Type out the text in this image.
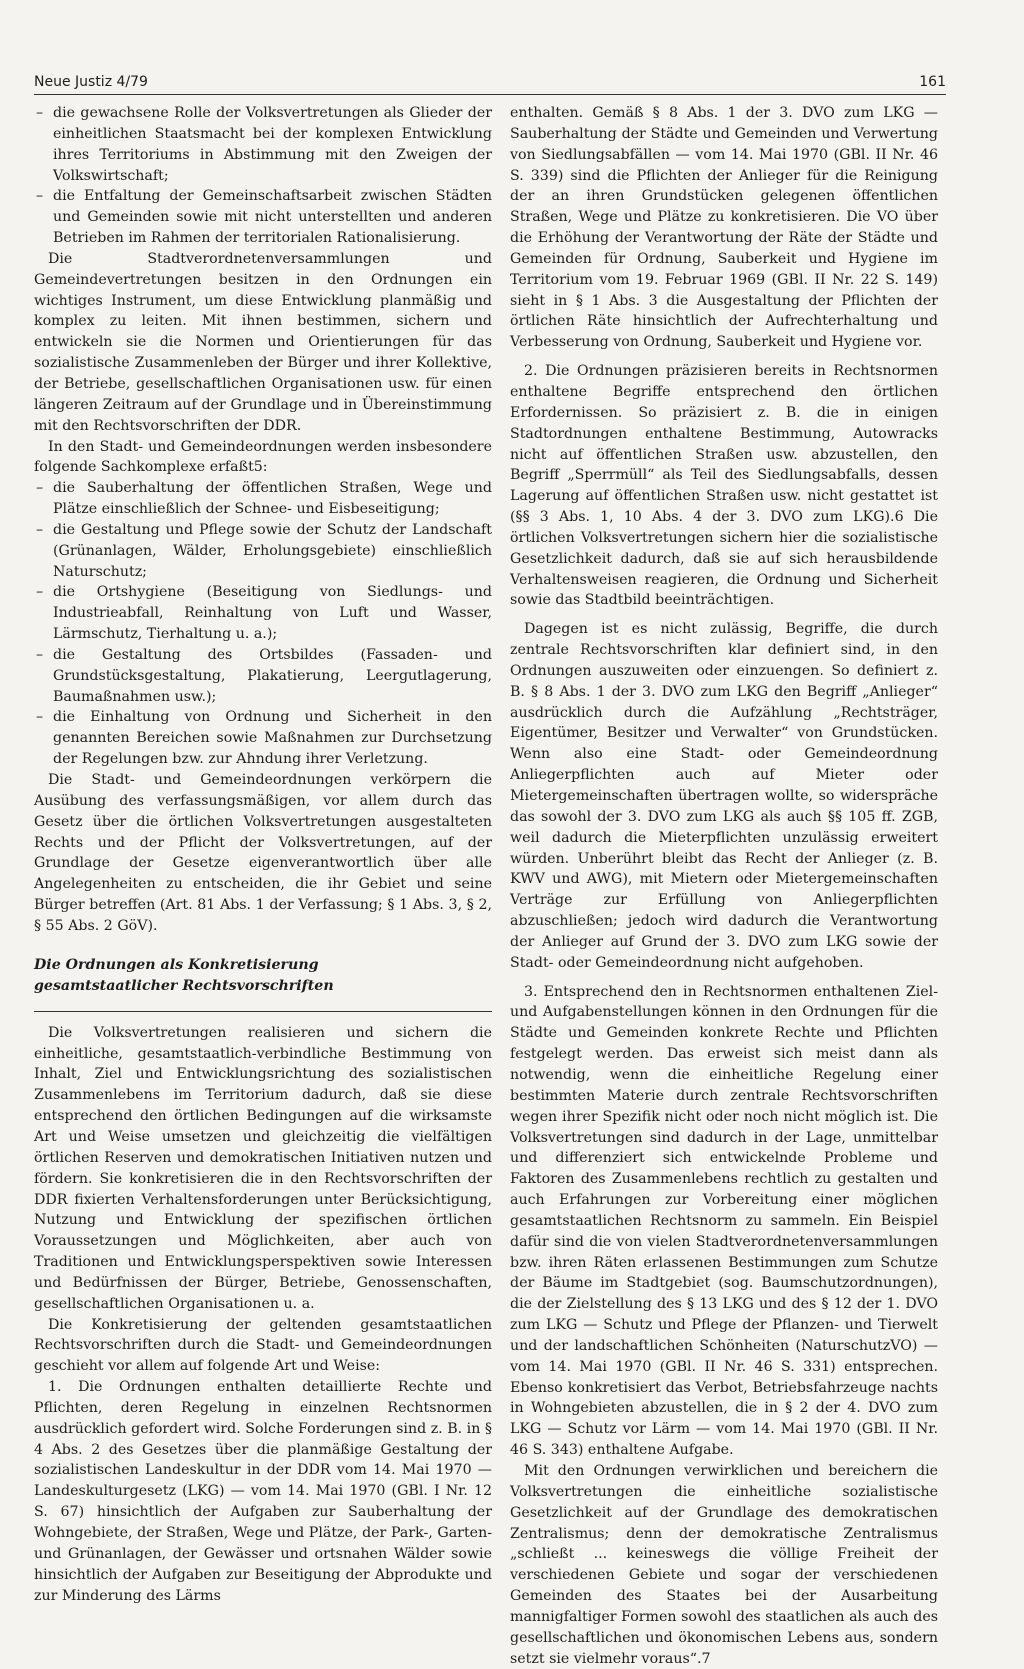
Neue Justiz 4/79	161
– die gewachsene Rolle der Volksvertretungen als Glieder der einheitlichen Staatsmacht bei der komplexen Entwicklung ihres Territoriums in Abstimmung mit den Zweigen der Volkswirtschaft;
– die Entfaltung der Gemeinschaftsarbeit zwischen Städten und Gemeinden sowie mit nicht unterstellten und anderen Betrieben im Rahmen der territorialen Rationalisierung.

Die Stadtverordnetenversammlungen und Gemeindevertretungen besitzen in den Ordnungen ein wichtiges Instrument, um diese Entwicklung planmäßig und komplex zu leiten. Mit ihnen bestimmen, sichern und entwickeln sie die Normen und Orientierungen für das sozialistische Zusammenleben der Bürger und ihrer Kollektive, der Betriebe, gesellschaftlichen Organisationen usw. für einen längeren Zeitraum auf der Grundlage und in Übereinstimmung mit den Rechtsvorschriften der DDR.

In den Stadt- und Gemeindeordnungen werden insbesondere folgende Sachkomplexe erfaßt5:

– die Sauberhaltung der öffentlichen Straßen, Wege und Plätze einschließlich der Schnee- und Eisbeseitigung;
– die Gestaltung und Pflege sowie der Schutz der Landschaft (Grünanlagen, Wälder, Erholungsgebiete) einschließlich Naturschutz;
– die Ortshygiene (Beseitigung von Siedlungs- und Industrieabfall, Reinhaltung von Luft und Wasser, Lärmschutz, Tierhaltung u. a.);
– die Gestaltung des Ortsbildes (Fassaden- und Grundstücksgestaltung, Plakatierung, Leergutlagerung, Baumaßnahmen usw.);
– die Einhaltung von Ordnung und Sicherheit in den genannten Bereichen sowie Maßnahmen zur Durchsetzung der Regelungen bzw. zur Ahndung ihrer Verletzung.

Die Stadt- und Gemeindeordnungen verkörpern die Ausübung des verfassungsmäßigen, vor allem durch das Gesetz über die örtlichen Volksvertretungen ausgestalteten Rechts und der Pflicht der Volksvertretungen, auf der Grundlage der Gesetze eigenverantwortlich über alle Angelegenheiten zu entscheiden, die ihr Gebiet und seine Bürger betreffen (Art. 81 Abs. 1 der Verfassung; § 1 Abs. 3, § 2, § 55 Abs. 2 GöV).

Die Ordnungen als Konkretisierung
gesamtstaatlicher Rechtsvorschriften

Die Volksvertretungen realisieren und sichern die einheitliche, gesamtstaatlich-verbindliche Bestimmung von Inhalt, Ziel und Entwicklungsrichtung des sozialistischen Zusammenlebens im Territorium dadurch, daß sie diese entsprechend den örtlichen Bedingungen auf die wirksamste Art und Weise umsetzen und gleichzeitig die vielfältigen örtlichen Reserven und demokratischen Initiativen nutzen und fördern. Sie konkretisieren die in den Rechtsvorschriften der DDR fixierten Verhaltensforderungen unter Berücksichtigung, Nutzung und Entwicklung der spezifischen örtlichen Voraussetzungen und Möglichkeiten, aber auch von Traditionen und Entwicklungsperspektiven sowie Interessen und Bedürfnissen der Bürger, Betriebe, Genossenschaften, gesellschaftlichen Organisationen u. a.

Die Konkretisierung der geltenden gesamtstaatlichen Rechtsvorschriften durch die Stadt- und Gemeindeordnungen geschieht vor allem auf folgende Art und Weise:

1. Die Ordnungen enthalten detaillierte Rechte und Pflichten, deren Regelung in einzelnen Rechtsnormen ausdrücklich gefordert wird. Solche Forderungen sind z. B. in § 4 Abs. 2 des Gesetzes über die planmäßige Gestaltung der sozialistischen Landeskultur in der DDR vom 14. Mai 1970 — Landeskulturgesetz (LKG) — vom 14. Mai 1970 (GBl. I Nr. 12 S. 67) hinsichtlich der Aufgaben zur Sauberhaltung der Wohngebiete, der Straßen, Wege und Plätze, der Park-, Garten- und Grünanlagen, der Gewässer und ortsnahen Wälder sowie hinsichtlich der Aufgaben zur Beseitigung der Abprodukte und zur Minderung des Lärms

enthalten. Gemäß § 8 Abs. 1 der 3. DVO zum LKG — Sauberhaltung der Städte und Gemeinden und Verwertung von Siedlungsabfällen — vom 14. Mai 1970 (GBl. II Nr. 46 S. 339) sind die Pflichten der Anlieger für die Reinigung der an ihren Grundstücken gelegenen öffentlichen Straßen, Wege und Plätze zu konkretisieren. Die VO über die Erhöhung der Verantwortung der Räte der Städte und Gemeinden für Ordnung, Sauberkeit und Hygiene im Territorium vom 19. Februar 1969 (GBl. II Nr. 22 S. 149) sieht in § 1 Abs. 3 die Ausgestaltung der Pflichten der örtlichen Räte hinsichtlich der Aufrechterhaltung und Verbesserung von Ordnung, Sauberkeit und Hygiene vor.

2. Die Ordnungen präzisieren bereits in Rechtsnormen enthaltene Begriffe entsprechend den örtlichen Erfordernissen. So präzisiert z. B. die in einigen Stadtordnungen enthaltene Bestimmung, Autowracks nicht auf öffentlichen Straßen usw. abzustellen, den Begriff „Sperrmüll“ als Teil des Siedlungsabfalls, dessen Lagerung auf öffentlichen Straßen usw. nicht gestattet ist (§§ 3 Abs. 1, 10 Abs. 4 der 3. DVO zum LKG).6 Die örtlichen Volksvertretungen sichern hier die sozialistische Gesetzlichkeit dadurch, daß sie auf sich herausbildende Verhaltensweisen reagieren, die Ordnung und Sicherheit sowie das Stadtbild beeinträchtigen.

Dagegen ist es nicht zulässig, Begriffe, die durch zentrale Rechtsvorschriften klar definiert sind, in den Ordnungen auszuweiten oder einzuengen. So definiert z. B. § 8 Abs. 1 der 3. DVO zum LKG den Begriff „Anlieger“ ausdrücklich durch die Aufzählung „Rechtsträger, Eigentümer, Besitzer und Verwalter“ von Grundstücken. Wenn also eine Stadt- oder Gemeindeordnung Anliegerpflichten auch auf Mieter oder Mietergemeinschaften übertragen wollte, so widerspräche das sowohl der 3. DVO zum LKG als auch §§ 105 ff. ZGB, weil dadurch die Mieterpflichten unzulässig erweitert würden. Unberührt bleibt das Recht der Anlieger (z. B. KWV und AWG), mit Mietern oder Mietergemeinschaften Verträge zur Erfüllung von Anliegerpflichten abzuschließen; jedoch wird dadurch die Verantwortung der Anlieger auf Grund der 3. DVO zum LKG sowie der Stadt- oder Gemeindeordnung nicht aufgehoben.

3. Entsprechend den in Rechtsnormen enthaltenen Ziel- und Aufgabenstellungen können in den Ordnungen für die Städte und Gemeinden konkrete Rechte und Pflichten festgelegt werden. Das erweist sich meist dann als notwendig, wenn die einheitliche Regelung einer bestimmten Materie durch zentrale Rechtsvorschriften wegen ihrer Spezifik nicht oder noch nicht möglich ist. Die Volksvertretungen sind dadurch in der Lage, unmittelbar und differenziert sich entwickelnde Probleme und Faktoren des Zusammenlebens rechtlich zu gestalten und auch Erfahrungen zur Vorbereitung einer möglichen gesamtstaatlichen Rechtsnorm zu sammeln. Ein Beispiel dafür sind die von vielen Stadtverordnetenversammlungen bzw. ihren Räten erlassenen Bestimmungen zum Schutze der Bäume im Stadtgebiet (sog. Baumschutzordnungen), die der Zielstellung des § 13 LKG und des § 12 der 1. DVO zum LKG — Schutz und Pflege der Pflanzen- und Tierwelt und der landschaftlichen Schönheiten (NaturschutzVO) — vom 14. Mai 1970 (GBl. II Nr. 46 S. 331) entsprechen. Ebenso konkretisiert das Verbot, Betriebsfahrzeuge nachts in Wohngebieten abzustellen, die in § 2 der 4. DVO zum LKG — Schutz vor Lärm — vom 14. Mai 1970 (GBl. II Nr. 46 S. 343) enthaltene Aufgabe.

Mit den Ordnungen verwirklichen und bereichern die Volksvertretungen die einheitliche sozialistische Gesetzlichkeit auf der Grundlage des demokratischen Zentralismus; denn der demokratische Zentralismus „schließt ... keineswegs die völlige Freiheit der verschiedenen Gebiete und sogar der verschiedenen Gemeinden des Staates bei der Ausarbeitung mannigfaltiger Formen sowohl des staatlichen als auch des gesellschaftlichen und ökonomischen Lebens aus, sondern setzt sie vielmehr voraus“.7
